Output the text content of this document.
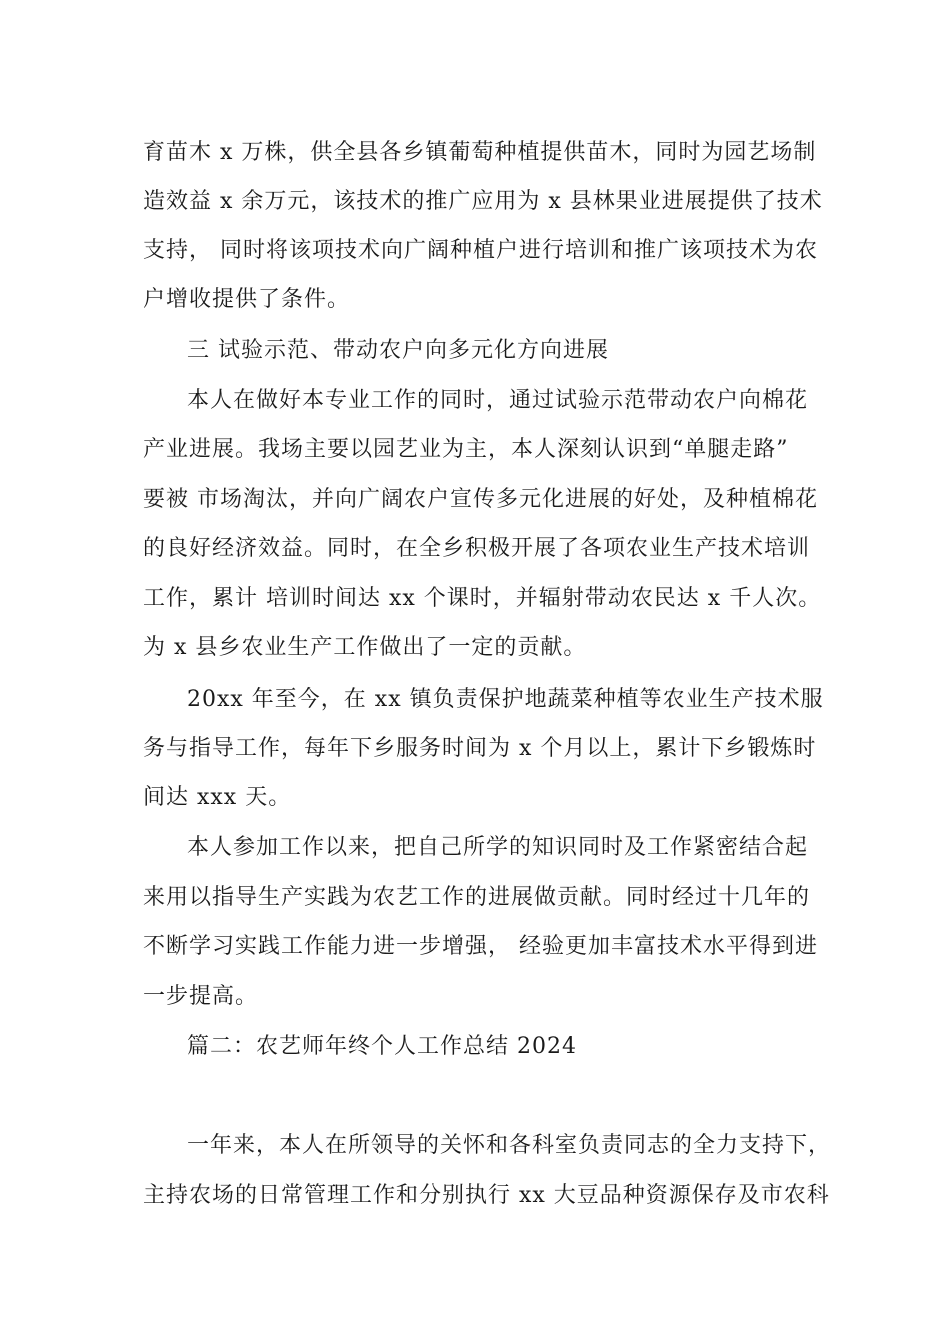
育苗木 x 万株，供全县各乡镇葡萄种植提供苗木，同时为园艺场制
造效益 x 余万元，该技术的推广应用为 x 县林果业进展提供了技术
支持， 同时将该项技术向广阔种植户进行培训和推广该项技术为农
户增收提供了条件。
三 试验示范、带动农户向多元化方向进展
本人在做好本专业工作的同时，通过试验示范带动农户向棉花
产业进展。我场主要以园艺业为主，本人深刻认识到“单腿走路”
要被 市场淘汰，并向广阔农户宣传多元化进展的好处，及种植棉花
的良好经济效益。同时，在全乡积极开展了各项农业生产技术培训
工作，累计 培训时间达 xx 个课时，并辐射带动农民达 x 千人次。
为 x 县乡农业生产工作做出了一定的贡献。
20xx 年至今，在 xx 镇负责保护地蔬菜种植等农业生产技术服
务与指导工作，每年下乡服务时间为 x 个月以上，累计下乡锻炼时
间达 xxx 天。
本人参加工作以来，把自己所学的知识同时及工作紧密结合起
来用以指导生产实践为农艺工作的进展做贡献。同时经过十几年的
不断学习实践工作能力进一步增强， 经验更加丰富技术水平得到进
一步提高。
篇二：农艺师年终个人工作总结 2024
一年来，本人在所领导的关怀和各科室负责同志的全力支持下，
主持农场的日常管理工作和分别执行 xx 大豆品种资源保存及市农科
